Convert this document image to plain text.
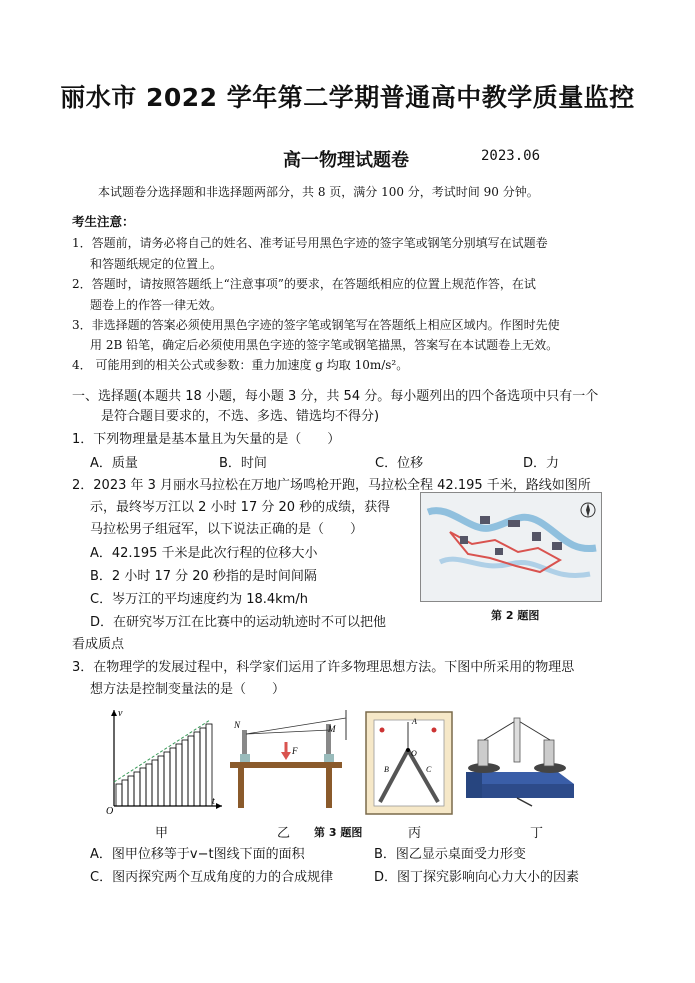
丽水市 2022 学年第二学期普通高中教学质量监控
高一物理试题卷	2023.06
本试题卷分选择题和非选择题两部分，共 8 页，满分 100 分，考试时间 90 分钟。
考生注意：
1．答题前，请务必将自己的姓名、准考证号用黑色字迹的签字笔或钢笔分别填写在试题卷
和答题纸规定的位置上。
2．答题时，请按照答题纸上“注意事项”的要求，在答题纸相应的位置上规范作答，在试
题卷上的作答一律无效。
3．非选择题的答案必须使用黑色字迹的签字笔或钢笔写在答题纸上相应区域内。作图时先使
用 2B 铅笔，确定后必须使用黑色字迹的签字笔或钢笔描黑，答案写在本试题卷上无效。
4． 可能用到的相关公式或参数：重力加速度 g 均取 10m/s²。
一、选择题(本题共 18 小题，每小题 3 分，共 54 分。每小题列出的四个备选项中只有一个
是符合题目要求的，不选、多选、错选均不得分)
1．下列物理量是基本量且为矢量的是（　　）
A．质量	B．时间	C．位移	D．力
2．2023 年 3 月丽水马拉松在万地广场鸣枪开跑，马拉松全程 42.195 千米，路线如图所
示，最终岑万江以 2 小时 17 分 20 秒的成绩，获得
马拉松男子组冠军，以下说法正确的是（　　）
A．42.195 千米是此次行程的位移大小
B．2 小时 17 分 20 秒指的是时间间隔
C．岑万江的平均速度约为 18.4km/h
D．在研究岑万江在比赛中的运动轨迹时不可以把他
看成质点
第 2 题图
3．在物理学的发展过程中，科学家们运用了许多物理思想方法。下图中所采用的物理思
想方法是控制变量法的是（　　）
v
t
O
N	M
F
A
O
B	C
甲	乙 第 3 题图	丙	丁
A．图甲位移等于v−t图线下面的面积	B．图乙显示桌面受力形变
C．图丙探究两个互成角度的力的合成规律	D．图丁探究影响向心力大小的因素
